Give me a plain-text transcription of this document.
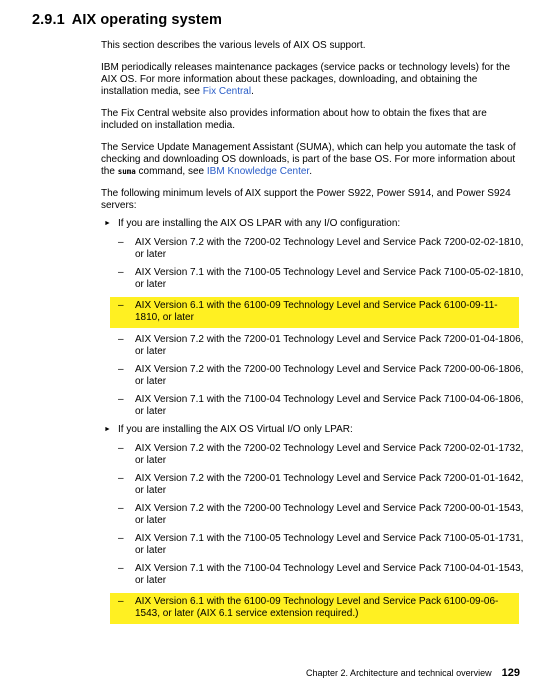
2.9.1 AIX operating system

This section describes the various levels of AIX OS support.

IBM periodically releases maintenance packages (service packs or technology levels) for the AIX OS. For more information about these packages, downloading, and obtaining the installation media, see Fix Central.

The Fix Central website also provides information about how to obtain the fixes that are included on installation media.

The Service Update Management Assistant (SUMA), which can help you automate the task of checking and downloading OS downloads, is part of the base OS. For more information about the suma command, see IBM Knowledge Center.

The following minimum levels of AIX support the Power S922, Power S914, and Power S924 servers:

► If you are installing the AIX OS LPAR with any I/O configuration:
– AIX Version 7.2 with the 7200-02 Technology Level and Service Pack 7200-02-02-1810, or later
– AIX Version 7.1 with the 7100-05 Technology Level and Service Pack 7100-05-02-1810, or later
– AIX Version 6.1 with the 6100-09 Technology Level and Service Pack 6100-09-11-1810, or later
– AIX Version 7.2 with the 7200-01 Technology Level and Service Pack 7200-01-04-1806, or later
– AIX Version 7.2 with the 7200-00 Technology Level and Service Pack 7200-00-06-1806, or later
– AIX Version 7.1 with the 7100-04 Technology Level and Service Pack 7100-04-06-1806, or later
► If you are installing the AIX OS Virtual I/O only LPAR:
– AIX Version 7.2 with the 7200-02 Technology Level and Service Pack 7200-02-01-1732, or later
– AIX Version 7.2 with the 7200-01 Technology Level and Service Pack 7200-01-01-1642, or later
– AIX Version 7.2 with the 7200-00 Technology Level and Service Pack 7200-00-01-1543, or later
– AIX Version 7.1 with the 7100-05 Technology Level and Service Pack 7100-05-01-1731, or later
– AIX Version 7.1 with the 7100-04 Technology Level and Service Pack 7100-04-01-1543, or later
– AIX Version 6.1 with the 6100-09 Technology Level and Service Pack 6100-09-06-1543, or later (AIX 6.1 service extension required.)
Chapter 2. Architecture and technical overview 129
